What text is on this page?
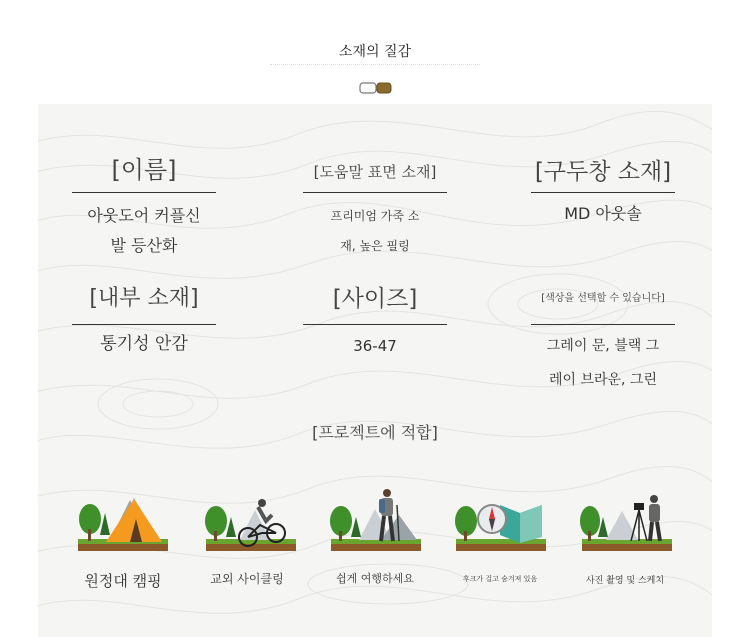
소재의 질감
[이름]
아웃도어 커플신
발 등산화
[도움말 표면 소재]
프리미엄 가죽 소
재, 높은 필링
[구두창 소재]
MD 아웃솔
[내부 소재]
통기성 안감
[사이즈]
36-47
[색상을 선택할 수 있습니다]
그레이 문, 블랙 그
레이 브라운, 그린
[프로젝트에 적합]
원정대 캠핑	교외 사이클링	쉽게 여행하세요	후크가 걸고 숨겨져 있음	사진 촬영 및 스케치
